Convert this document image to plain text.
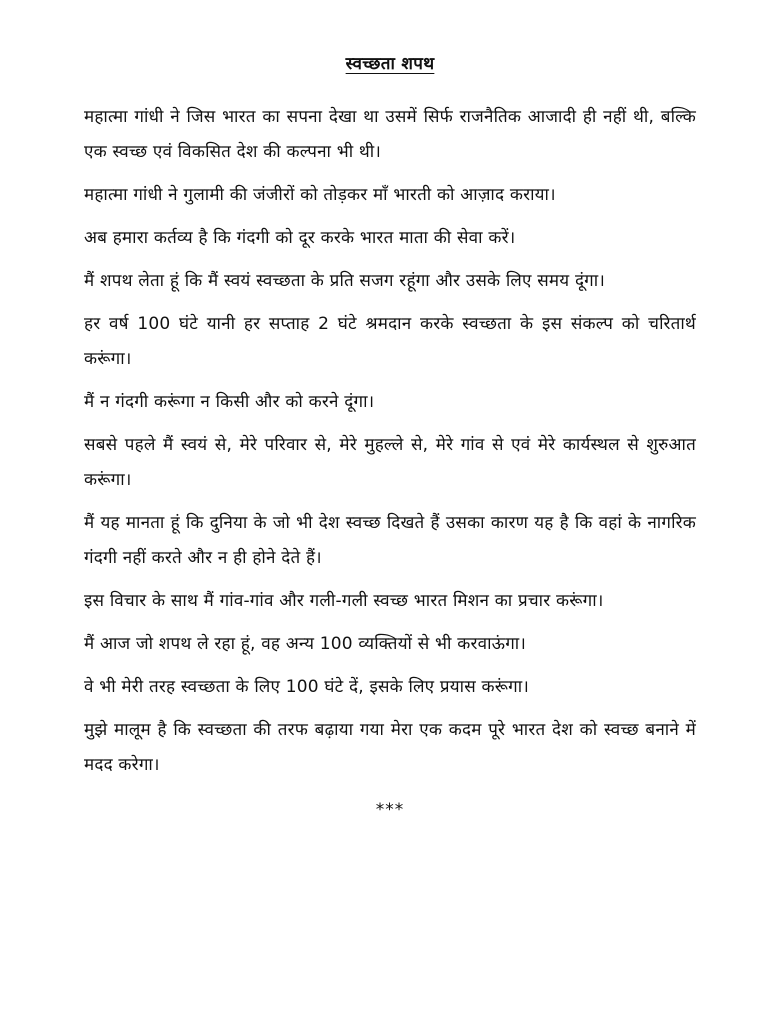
स्वच्छता शपथ

महात्मा गांधी ने जिस भारत का सपना देखा था उसमें सिर्फ राजनैतिक आजादी ही नहीं थी, बल्कि एक स्वच्छ एवं विकसित देश की कल्पना भी थी।

महात्मा गांधी ने गुलामी की जंजीरों को तोड़कर माँ भारती को आज़ाद कराया।

अब हमारा कर्तव्य है कि गंदगी को दूर करके भारत माता की सेवा करें।

मैं शपथ लेता हूं कि मैं स्वयं स्वच्छता के प्रति सजग रहूंगा और उसके लिए समय दूंगा।

हर वर्ष 100 घंटे यानी हर सप्ताह 2 घंटे श्रमदान करके स्वच्छता के इस संकल्प को चरितार्थ करूंगा।

मैं न गंदगी करूंगा न किसी और को करने दूंगा।

सबसे पहले मैं स्वयं से, मेरे परिवार से, मेरे मुहल्ले से, मेरे गांव से एवं मेरे कार्यस्थल से शुरुआत करूंगा।

मैं यह मानता हूं कि दुनिया के जो भी देश स्वच्छ दिखते हैं उसका कारण यह है कि वहां के नागरिक गंदगी नहीं करते और न ही होने देते हैं।

इस विचार के साथ मैं गांव-गांव और गली-गली स्वच्छ भारत मिशन का प्रचार करूंगा।

मैं आज जो शपथ ले रहा हूं, वह अन्य 100 व्यक्तियों से भी करवाऊंगा।

वे भी मेरी तरह स्वच्छता के लिए 100 घंटे दें, इसके लिए प्रयास करूंगा।

मुझे मालूम है कि स्वच्छता की तरफ बढ़ाया गया मेरा एक कदम पूरे भारत देश को स्वच्छ बनाने में मदद करेगा।

***
